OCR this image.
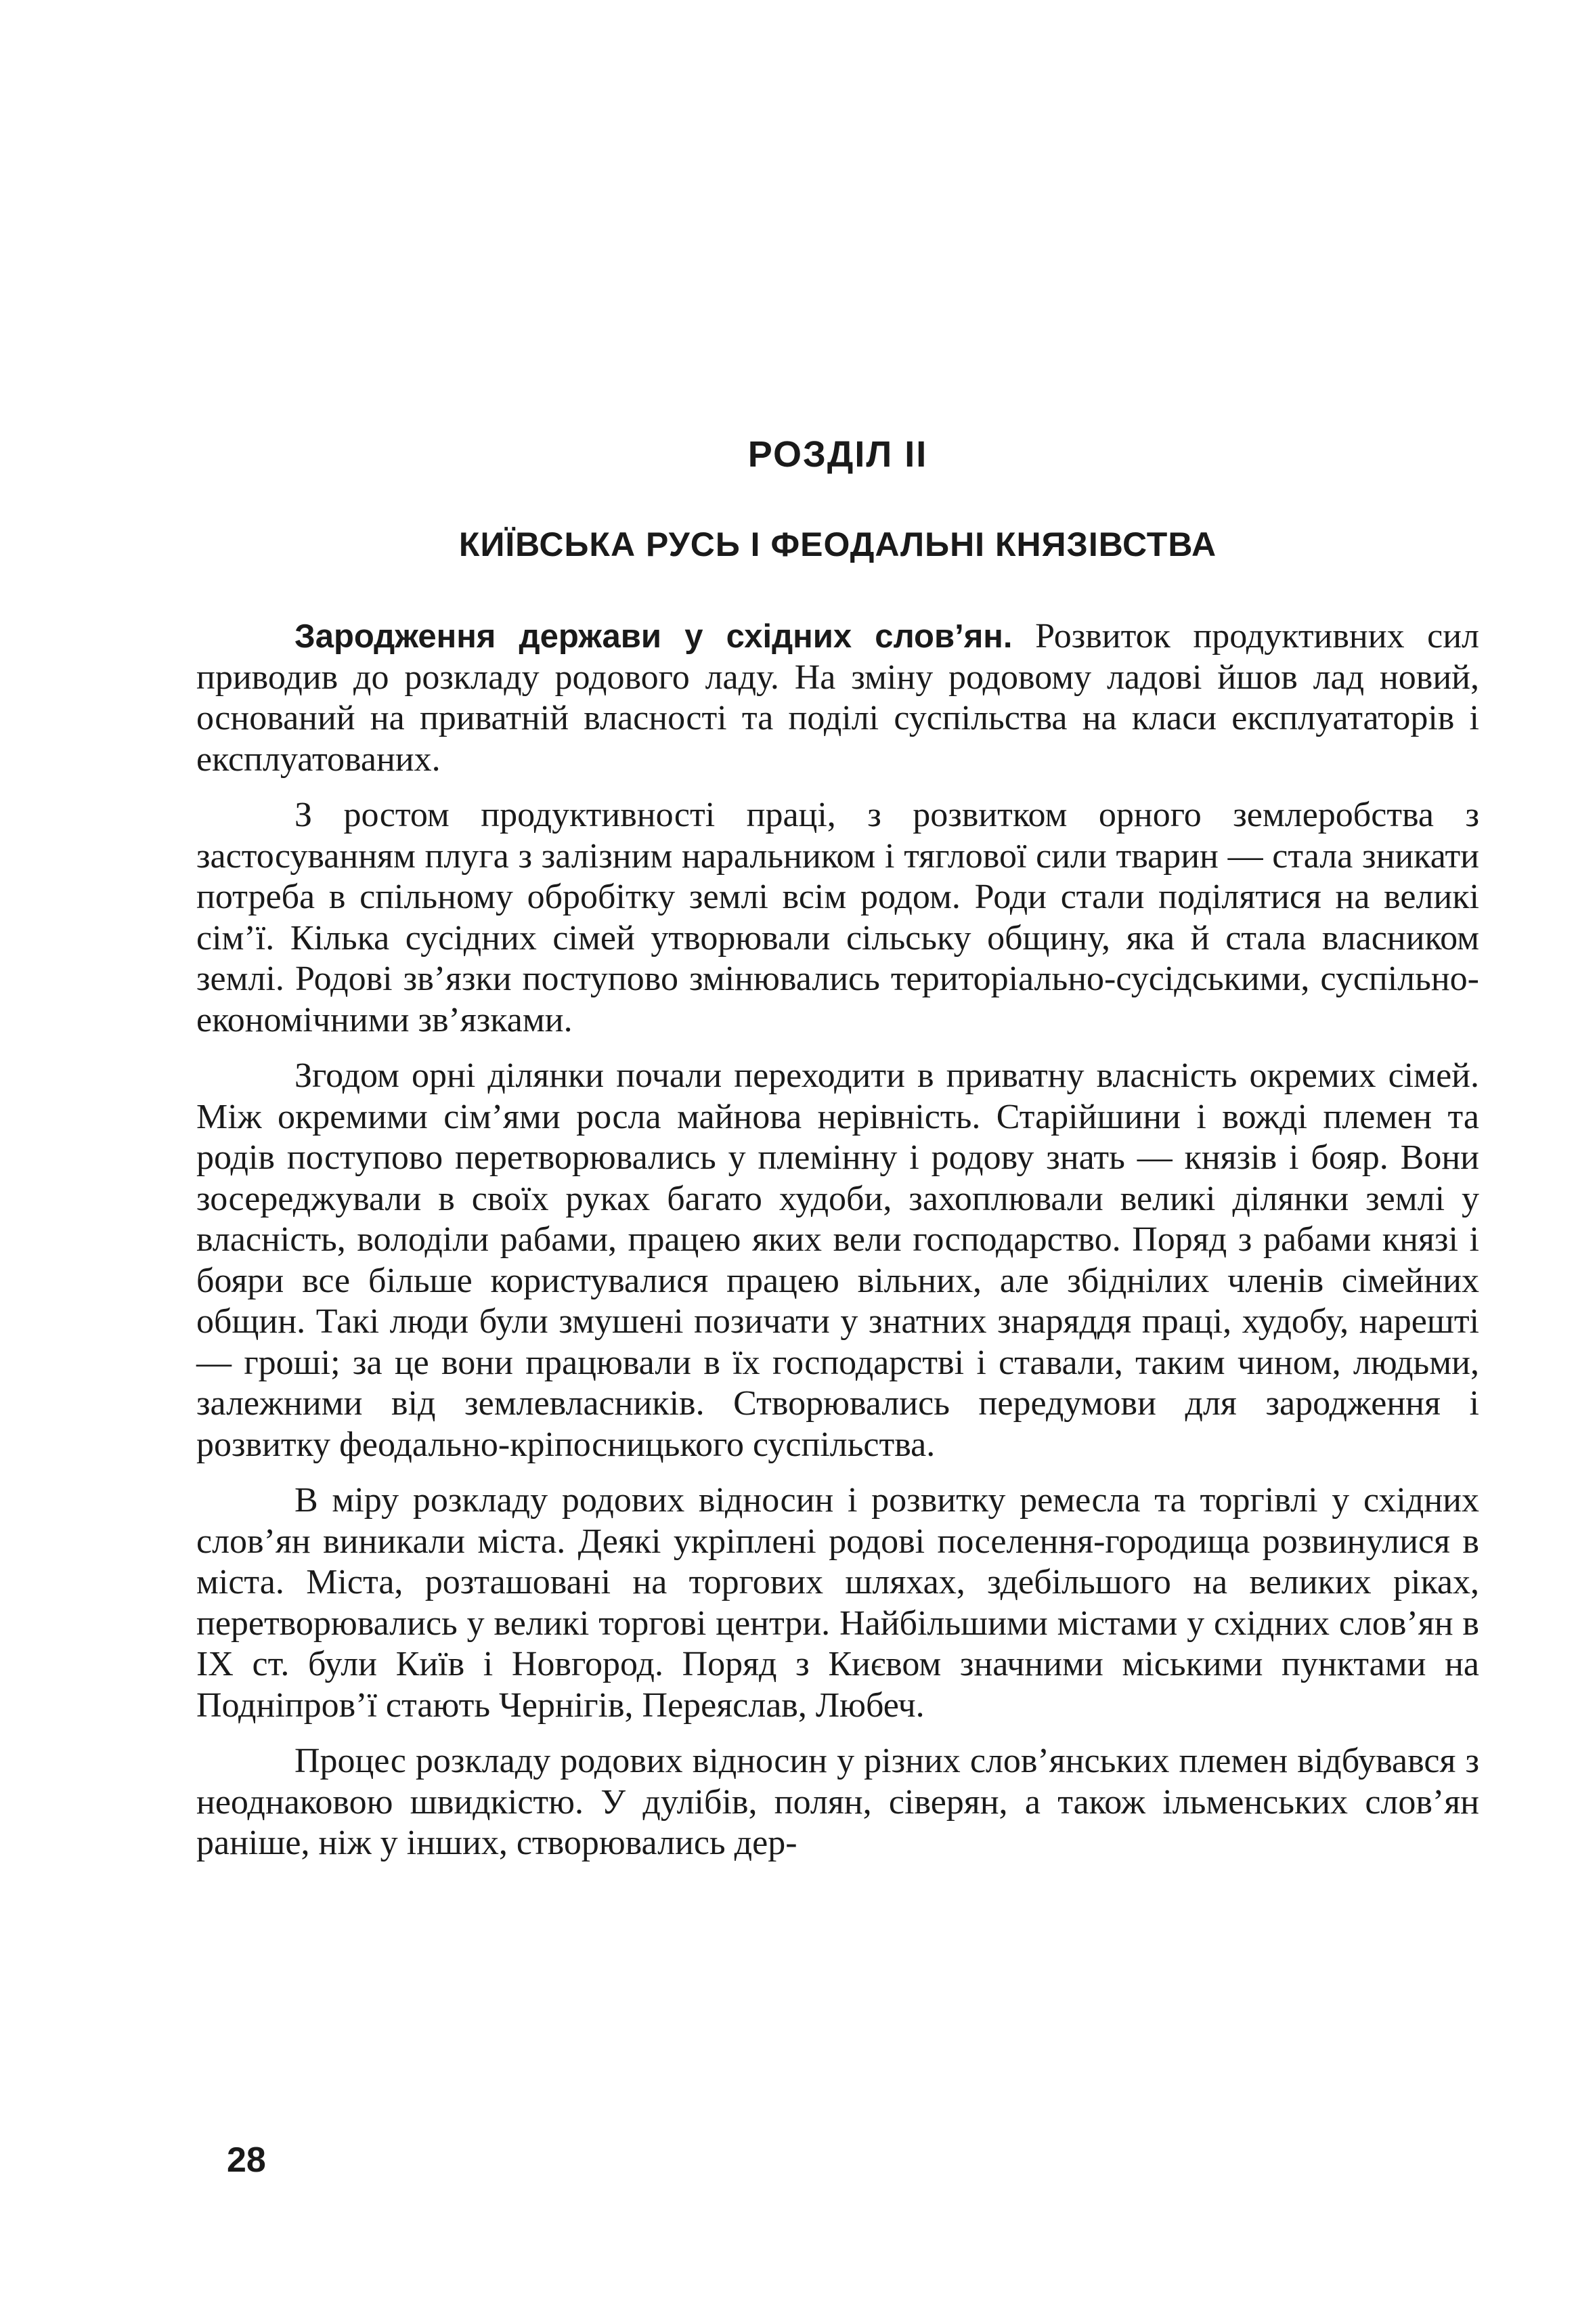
РОЗДІЛ ІІ
КИЇВСЬКА РУСЬ І ФЕОДАЛЬНІ КНЯЗІВСТВА

Зародження держави у східних слов’ян. Розвиток продуктивних сил приводив до розкладу родового ладу. На зміну родовому ладові йшов лад новий, оснований на приватній власності та поділі суспільства на класи експлуататорів і експлуатованих.

З ростом продуктивності праці, з розвитком орного землеробства з застосуванням плуга з залізним наральником і тяглової сили тварин — стала зникати потреба в спільному обробітку землі всім родом. Роди стали поділятися на великі сім’ї. Кілька сусідних сімей утворювали сільську общину, яка й стала власником землі. Родові зв’язки поступово змінювались територіально-сусідськими, суспільно-економічними зв’язками.

Згодом орні ділянки почали переходити в приватну власність окремих сімей. Між окремими сім’ями росла майнова нерівність. Старійшини і вожді племен та родів поступово перетворювались у племінну і родову знать — князів і бояр. Вони зосереджували в своїх руках багато худоби, захоплювали великі ділянки землі у власність, володіли рабами, працею яких вели господарство. Поряд з рабами князі і бояри все більше користувалися працею вільних, але збіднілих членів сімейних общин. Такі люди були змушені позичати у знатних знаряддя праці, худобу, нарешті — гроші; за це вони працювали в їх господарстві і ставали, таким чином, людьми, залежними від землевласників. Створювались передумови для зародження і розвитку феодально-кріпосницького суспільства.

В міру розкладу родових відносин і розвитку ремесла та торгівлі у східних слов’ян виникали міста. Деякі укріплені родові поселення-городища розвинулися в міста. Міста, розташовані на торгових шляхах, здебільшого на великих ріках, перетворювались у великі торгові центри. Найбільшими містами у східних слов’ян в IX ст. були Київ і Новгород. Поряд з Києвом значними міськими пунктами на Подніпров’ї стають Чернігів, Переяслав, Любеч.

Процес розкладу родових відносин у різних слов’янських племен відбувався з неоднаковою швидкістю. У дулібів, полян, сіверян, а також ільменських слов’ян раніше, ніж у інших, створювались дер-

28
